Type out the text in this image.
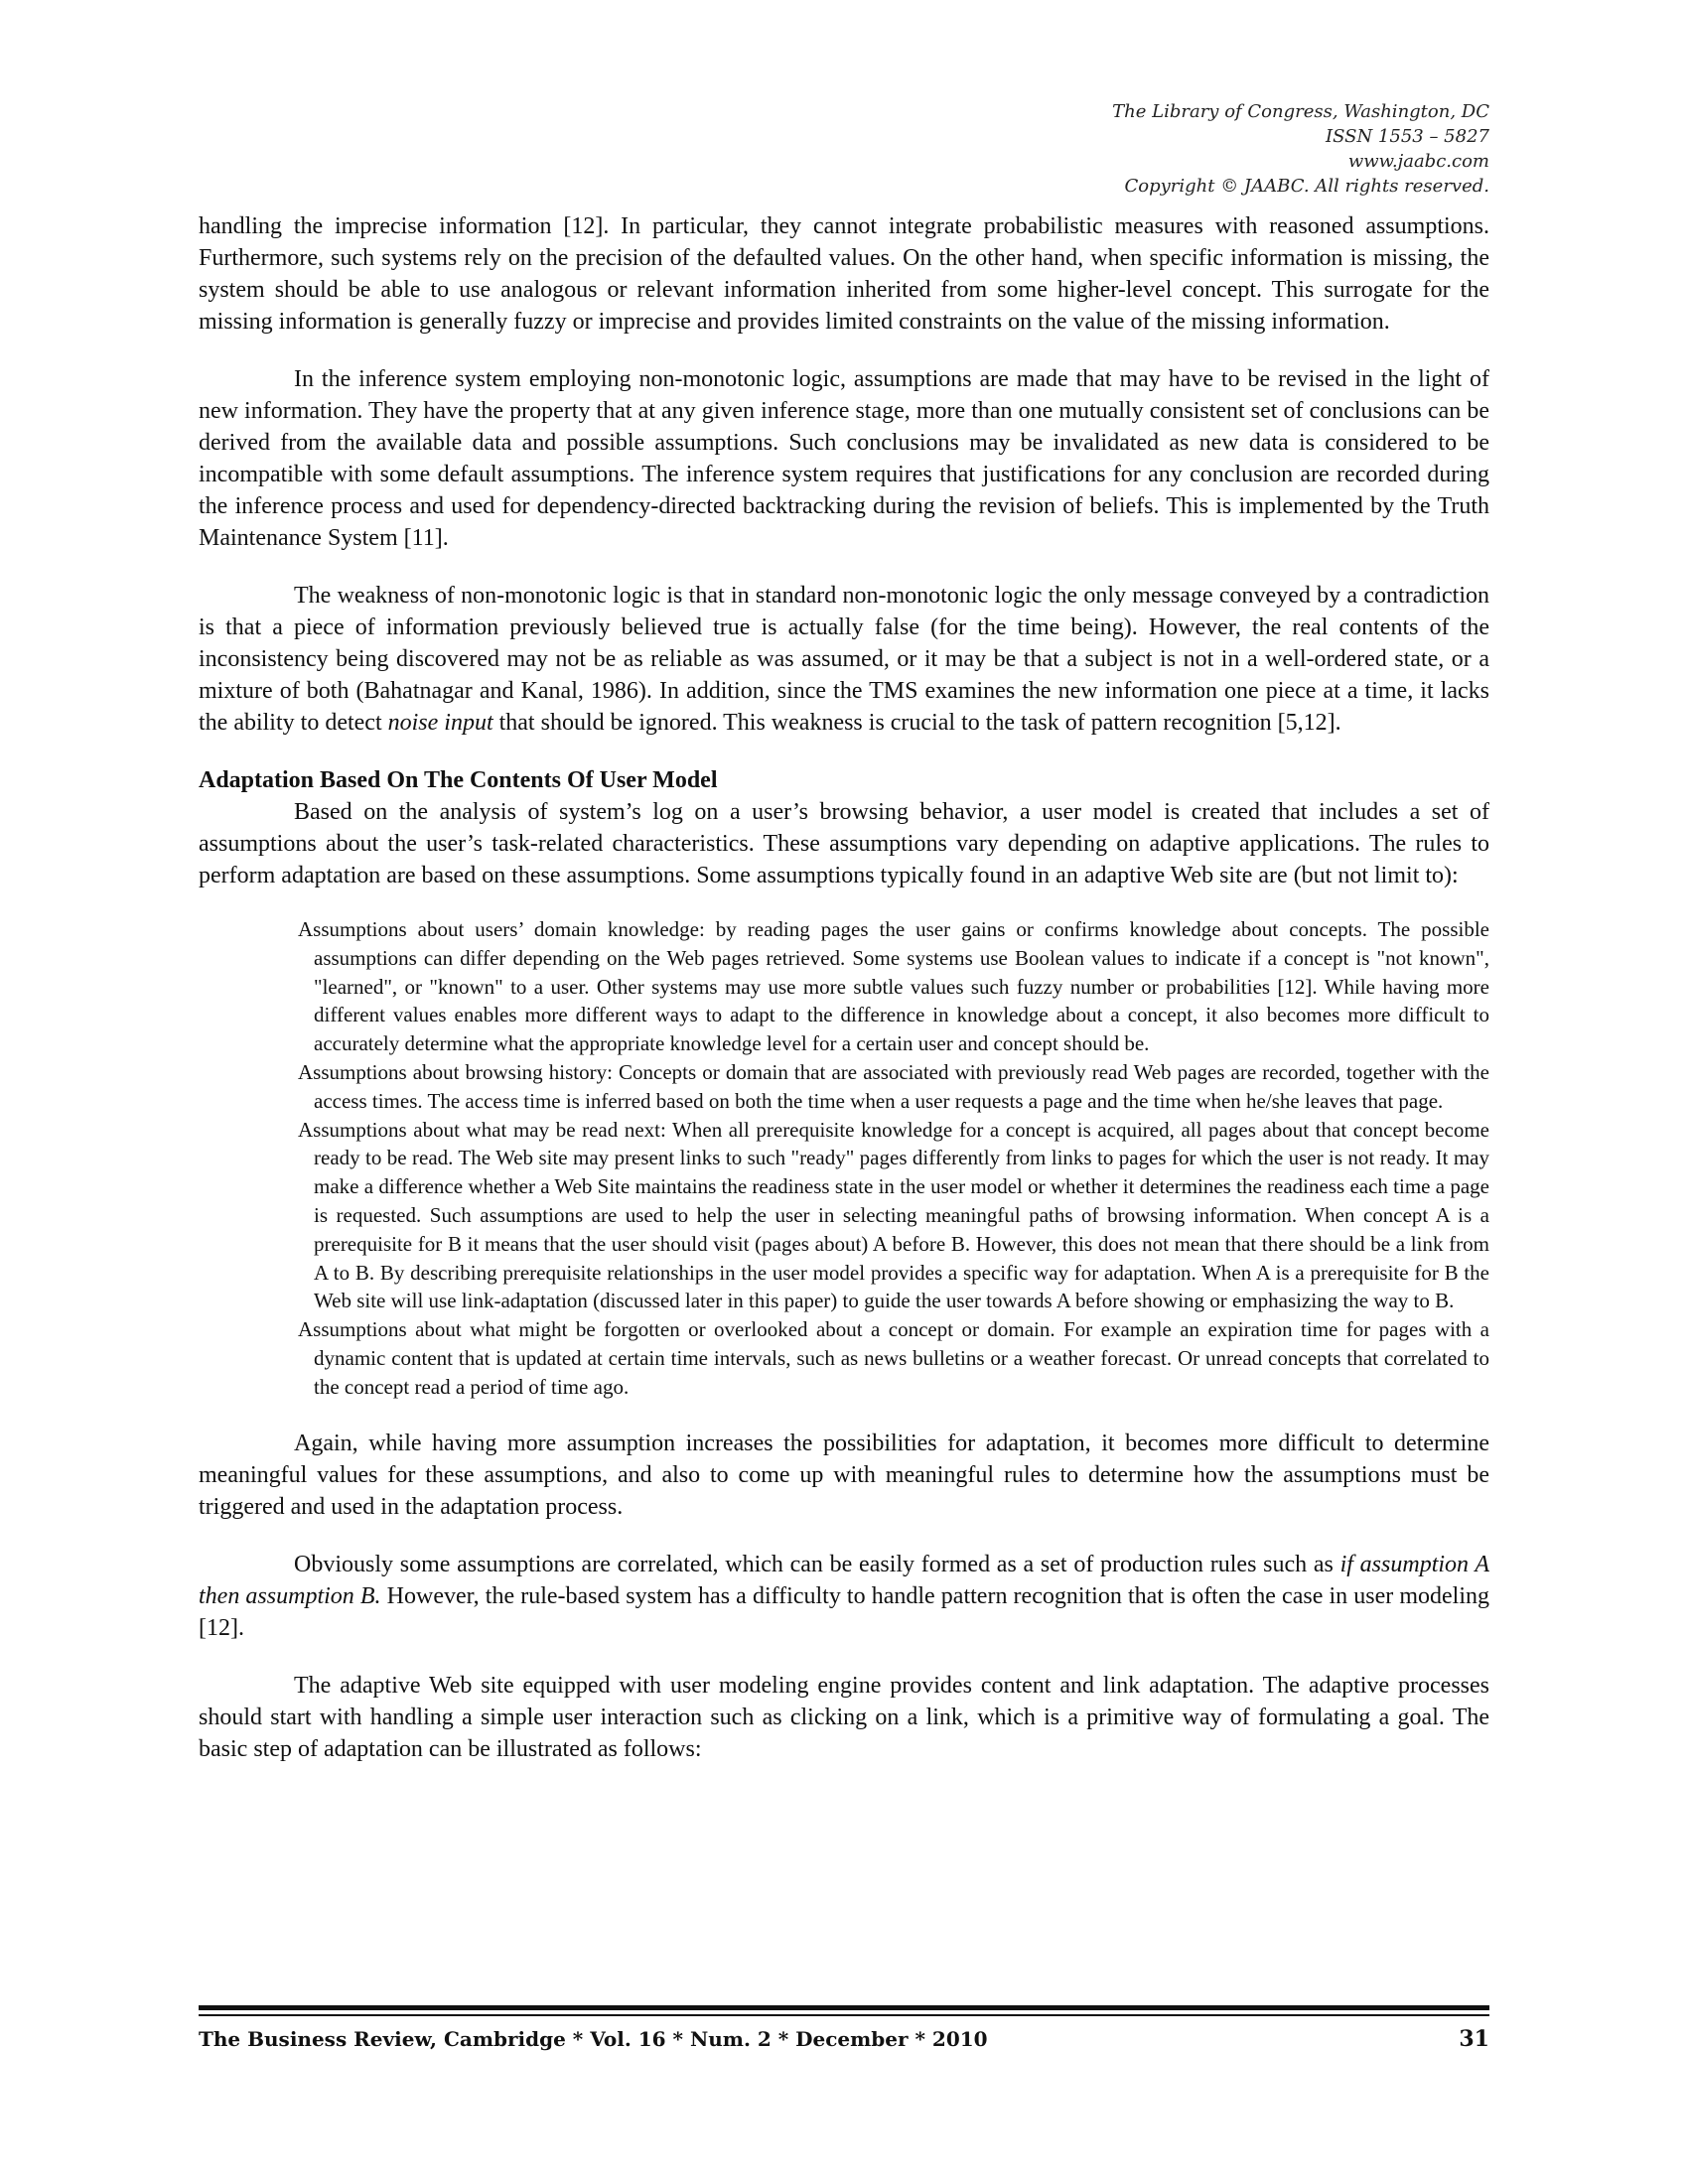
The Library of Congress, Washington, DC
ISSN 1553 – 5827
www.jaabc.com
Copyright © JAABC. All rights reserved.

handling the imprecise information [12]. In particular, they cannot integrate probabilistic measures with reasoned assumptions. Furthermore, such systems rely on the precision of the defaulted values. On the other hand, when specific information is missing, the system should be able to use analogous or relevant information inherited from some higher-level concept. This surrogate for the missing information is generally fuzzy or imprecise and provides limited constraints on the value of the missing information.

In the inference system employing non-monotonic logic, assumptions are made that may have to be revised in the light of new information. They have the property that at any given inference stage, more than one mutually consistent set of conclusions can be derived from the available data and possible assumptions. Such conclusions may be invalidated as new data is considered to be incompatible with some default assumptions. The inference system requires that justifications for any conclusion are recorded during the inference process and used for dependency-directed backtracking during the revision of beliefs. This is implemented by the Truth Maintenance System [11].

The weakness of non-monotonic logic is that in standard non-monotonic logic the only message conveyed by a contradiction is that a piece of information previously believed true is actually false (for the time being). However, the real contents of the inconsistency being discovered may not be as reliable as was assumed, or it may be that a subject is not in a well-ordered state, or a mixture of both (Bahatnagar and Kanal, 1986). In addition, since the TMS examines the new information one piece at a time, it lacks the ability to detect noise input that should be ignored. This weakness is crucial to the task of pattern recognition [5,12].

Adaptation Based On The Contents Of User Model

Based on the analysis of system’s log on a user’s browsing behavior, a user model is created that includes a set of assumptions about the user’s task-related characteristics. These assumptions vary depending on adaptive applications. The rules to perform adaptation are based on these assumptions. Some assumptions typically found in an adaptive Web site are (but not limit to):

Assumptions about users’ domain knowledge: by reading pages the user gains or confirms knowledge about concepts. The possible assumptions can differ depending on the Web pages retrieved. Some systems use Boolean values to indicate if a concept is "not known", "learned", or "known" to a user. Other systems may use more subtle values such fuzzy number or probabilities [12]. While having more different values enables more different ways to adapt to the difference in knowledge about a concept, it also becomes more difficult to accurately determine what the appropriate knowledge level for a certain user and concept should be.
Assumptions about browsing history: Concepts or domain that are associated with previously read Web pages are recorded, together with the access times. The access time is inferred based on both the time when a user requests a page and the time when he/she leaves that page.
Assumptions about what may be read next: When all prerequisite knowledge for a concept is acquired, all pages about that concept become ready to be read. The Web site may present links to such "ready" pages differently from links to pages for which the user is not ready. It may make a difference whether a Web Site maintains the readiness state in the user model or whether it determines the readiness each time a page is requested. Such assumptions are used to help the user in selecting meaningful paths of browsing information. When concept A is a prerequisite for B it means that the user should visit (pages about) A before B. However, this does not mean that there should be a link from A to B. By describing prerequisite relationships in the user model provides a specific way for adaptation. When A is a prerequisite for B the Web site will use link-adaptation (discussed later in this paper) to guide the user towards A before showing or emphasizing the way to B.
Assumptions about what might be forgotten or overlooked about a concept or domain. For example an expiration time for pages with a dynamic content that is updated at certain time intervals, such as news bulletins or a weather forecast. Or unread concepts that correlated to the concept read a period of time ago.

Again, while having more assumption increases the possibilities for adaptation, it becomes more difficult to determine meaningful values for these assumptions, and also to come up with meaningful rules to determine how the assumptions must be triggered and used in the adaptation process.

Obviously some assumptions are correlated, which can be easily formed as a set of production rules such as if assumption A then assumption B. However, the rule-based system has a difficulty to handle pattern recognition that is often the case in user modeling [12].

The adaptive Web site equipped with user modeling engine provides content and link adaptation. The adaptive processes should start with handling a simple user interaction such as clicking on a link, which is a primitive way of formulating a goal. The basic step of adaptation can be illustrated as follows:

The Business Review, Cambridge * Vol. 16 * Num. 2 * December * 2010	31
